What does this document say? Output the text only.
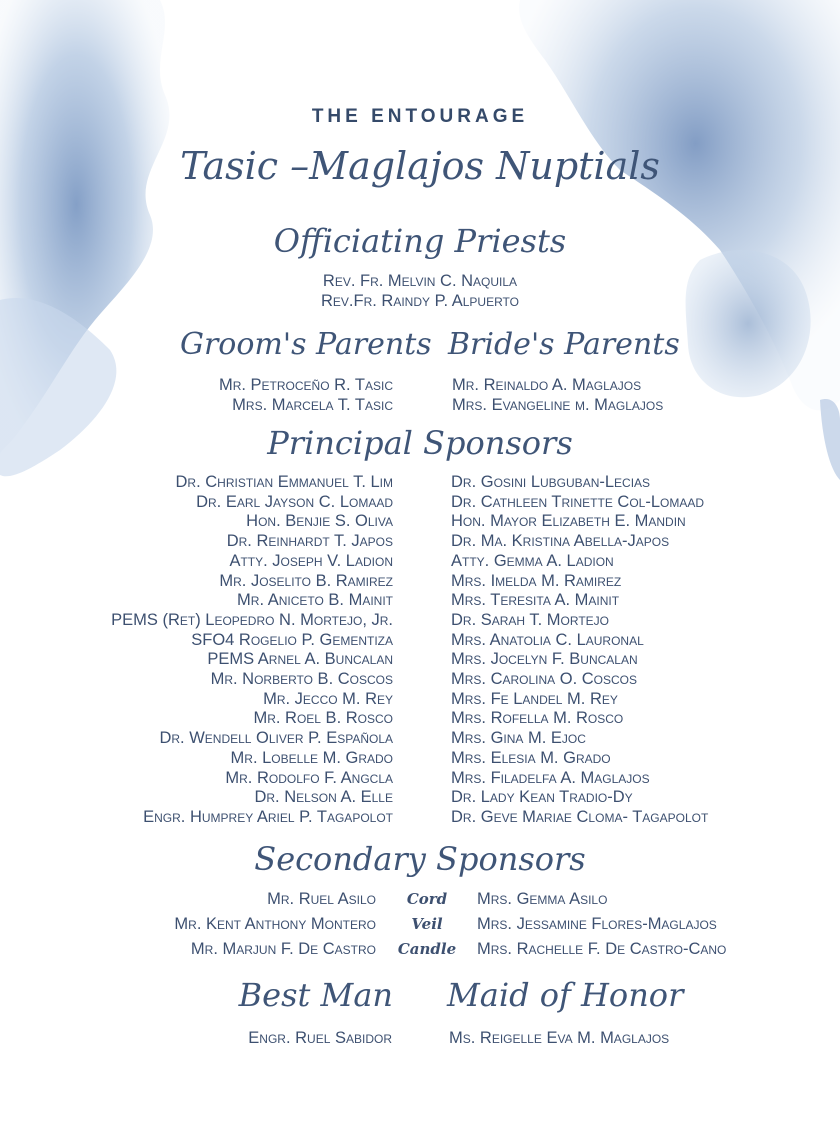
THE ENTOURAGE
Tasic –Maglajos Nuptials
Officiating Priests
Rev. Fr. Melvin C. Naquila
Rev.Fr. Raindy P. Alpuerto
Groom's Parents Bride's Parents
Mr. Petroceño R. Tasic
Mrs. Marcela T. Tasic
Mr. Reinaldo A. Maglajos
Mrs. Evangeline m. Maglajos
Principal Sponsors
Dr. Christian Emmanuel T. Lim
Dr. Earl Jayson C. Lomaad
Hon. Benjie S. Oliva
Dr. Reinhardt T. Japos
Atty. Joseph V. Ladion
Mr. Joselito B. Ramirez
Mr. Aniceto B. Mainit
PEMS (Ret) Leopedro N. Mortejo, Jr.
SFO4 Rogelio P. Gementiza
PEMS Arnel A. Buncalan
Mr. Norberto B. Coscos
Mr. Jecco M. Rey
Mr. Roel B. Rosco
Dr. Wendell Oliver P. Española
Mr. Lobelle M. Grado
Mr. Rodolfo F. Angcla
Dr. Nelson A. Elle
Engr. Humprey Ariel P. Tagapolot
Dr. Gosini Lubguban-Lecias
Dr. Cathleen Trinette Col-Lomaad
Hon. Mayor Elizabeth E. Mandin
Dr. Ma. Kristina Abella-Japos
Atty. Gemma A. Ladion
Mrs. Imelda M. Ramirez
Mrs. Teresita A. Mainit
Dr. Sarah T. Mortejo
Mrs. Anatolia C. Lauronal
Mrs. Jocelyn F. Buncalan
Mrs. Carolina O. Coscos
Mrs. Fe Landel M. Rey
Mrs. Rofella M. Rosco
Mrs. Gina M. Ejoc
Mrs. Elesia M. Grado
Mrs. Filadelfa A. Maglajos
Dr. Lady Kean Tradio-Dy
Dr. Geve Mariae Cloma- Tagapolot
Secondary Sponsors
Mr. Ruel Asilo
Mr. Kent Anthony Montero
Mr. Marjun F. De Castro
Cord
Veil
Candle
Mrs. Gemma Asilo
Mrs. Jessamine Flores-Maglajos
Mrs. Rachelle F. De Castro-Cano
Best Man Maid of Honor
Engr. Ruel Sabidor	Ms. Reigelle Eva M. Maglajos
